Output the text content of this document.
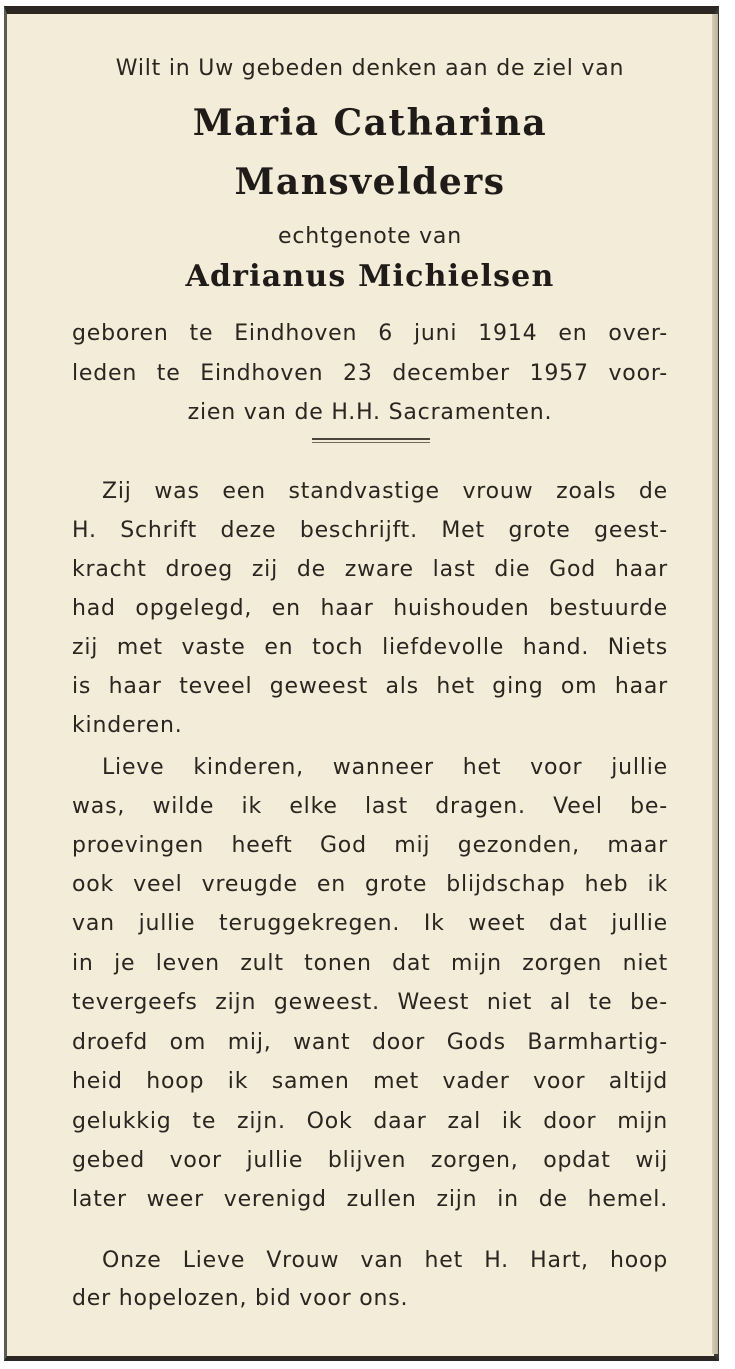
Wilt in Uw gebeden denken aan de ziel van
Maria Catharina
Mansvelders
echtgenote van
Adrianus Michielsen
geboren te Eindhoven 6 juni 1914 en over-
leden te Eindhoven 23 december 1957 voor-
zien van de H.H. Sacramenten.
Zij was een standvastige vrouw zoals de
H. Schrift deze beschrijft. Met grote geest-
kracht droeg zij de zware last die God haar
had opgelegd, en haar huishouden bestuurde
zij met vaste en toch liefdevolle hand. Niets
is haar teveel geweest als het ging om haar
kinderen.
Lieve kinderen, wanneer het voor jullie
was, wilde ik elke last dragen. Veel be-
proevingen heeft God mij gezonden, maar
ook veel vreugde en grote blijdschap heb ik
van jullie teruggekregen. Ik weet dat jullie
in je leven zult tonen dat mijn zorgen niet
tevergeefs zijn geweest. Weest niet al te be-
droefd om mij, want door Gods Barmhartig-
heid hoop ik samen met vader voor altijd
gelukkig te zijn. Ook daar zal ik door mijn
gebed voor jullie blijven zorgen, opdat wij
later weer verenigd zullen zijn in de hemel.
Onze Lieve Vrouw van het H. Hart, hoop
der hopelozen, bid voor ons.
